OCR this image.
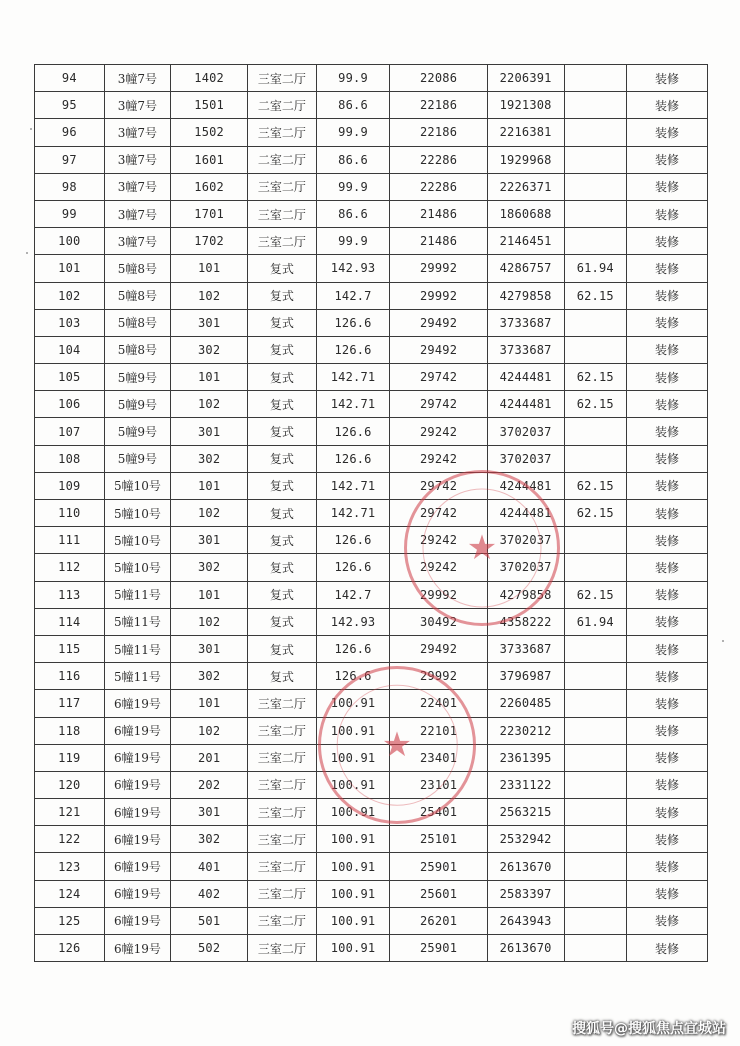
94	3幢7号	1402	三室二厅	99.9	22086	2206391		装修
95	3幢7号	1501	二室二厅	86.6	22186	1921308		装修
96	3幢7号	1502	三室二厅	99.9	22186	2216381		装修
97	3幢7号	1601	二室二厅	86.6	22286	1929968		装修
98	3幢7号	1602	三室二厅	99.9	22286	2226371		装修
99	3幢7号	1701	三室二厅	86.6	21486	1860688		装修
100	3幢7号	1702	三室二厅	99.9	21486	2146451		装修
101	5幢8号	101	复式	142.93	29992	4286757	61.94	装修
102	5幢8号	102	复式	142.7	29992	4279858	62.15	装修
103	5幢8号	301	复式	126.6	29492	3733687		装修
104	5幢8号	302	复式	126.6	29492	3733687		装修
105	5幢9号	101	复式	142.71	29742	4244481	62.15	装修
106	5幢9号	102	复式	142.71	29742	4244481	62.15	装修
107	5幢9号	301	复式	126.6	29242	3702037		装修
108	5幢9号	302	复式	126.6	29242	3702037		装修
109	5幢10号	101	复式	142.71	29742	4244481	62.15	装修
110	5幢10号	102	复式	142.71	29742	4244481	62.15	装修
111	5幢10号	301	复式	126.6	29242	3702037		装修
112	5幢10号	302	复式	126.6	29242	3702037		装修
113	5幢11号	101	复式	142.7	29992	4279858	62.15	装修
114	5幢11号	102	复式	142.93	30492	4358222	61.94	装修
115	5幢11号	301	复式	126.6	29492	3733687		装修
116	5幢11号	302	复式	126.6	29992	3796987		装修
117	6幢19号	101	三室二厅	100.91	22401	2260485		装修
118	6幢19号	102	三室二厅	100.91	22101	2230212		装修
119	6幢19号	201	三室二厅	100.91	23401	2361395		装修
120	6幢19号	202	三室二厅	100.91	23101	2331122		装修
121	6幢19号	301	三室二厅	100.91	25401	2563215		装修
122	6幢19号	302	三室二厅	100.91	25101	2532942		装修
123	6幢19号	401	三室二厅	100.91	25901	2613670		装修
124	6幢19号	402	三室二厅	100.91	25601	2583397		装修
125	6幢19号	501	三室二厅	100.91	26201	2643943		装修
126	6幢19号	502	三室二厅	100.91	25901	2613670		装修
★
★
搜狐号@搜狐焦点宜城站
